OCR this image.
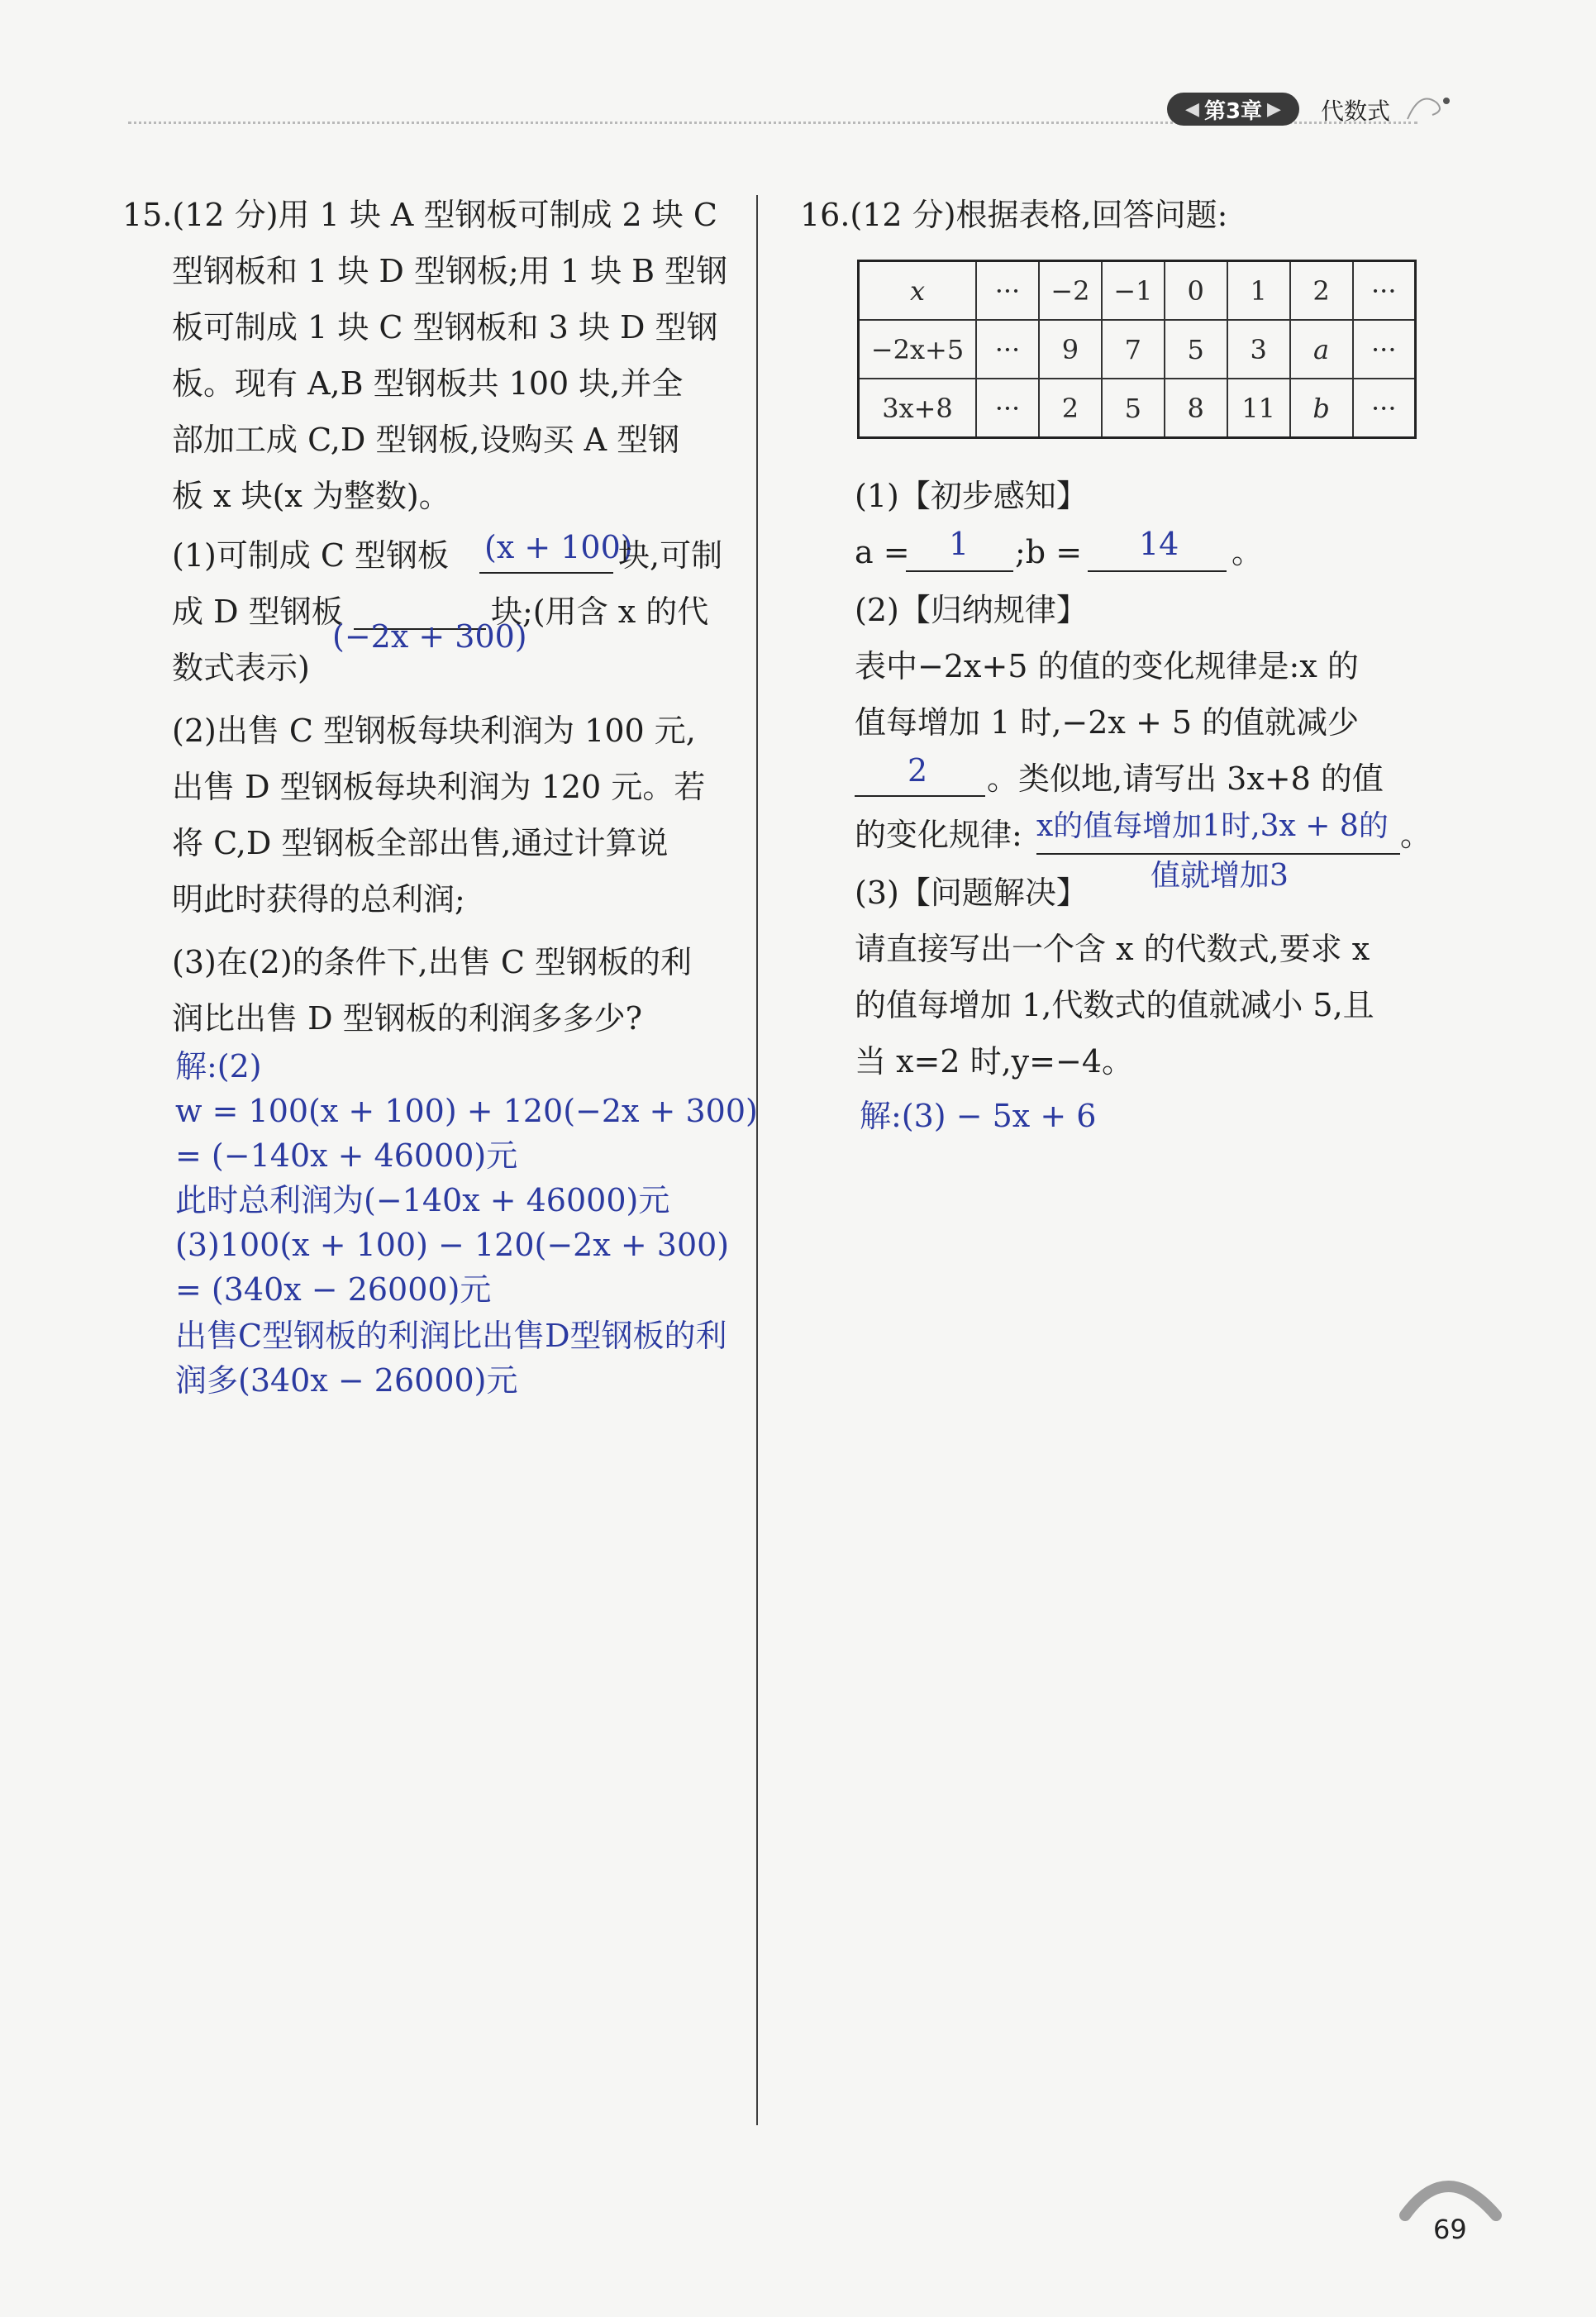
◀ 第3章 ▶ 代数式
15.(12 分)用 1 块 A 型钢板可制成 2 块 C
型钢板和 1 块 D 型钢板;用 1 块 B 型钢
板可制成 1 块 C 型钢板和 3 块 D 型钢
板。现有 A,B 型钢板共 100 块,并全
部加工成 C,D 型钢板,设购买 A 型钢
板 x 块(x 为整数)。
(1)可制成 C 型钢板 (x + 100)
块,可制
成 D 型钢板
(−2x + 300)
块;(用含 x 的代
数式表示)
(2)出售 C 型钢板每块利润为 100 元,
出售 D 型钢板每块利润为 120 元。若
将 C,D 型钢板全部出售,通过计算说
明此时获得的总利润;
(3)在(2)的条件下,出售 C 型钢板的利
润比出售 D 型钢板的利润多多少?
解:(2)
w = 100(x + 100) + 120(−2x + 300)
= (−140x + 46000)元
此时总利润为(−140x + 46000)元
(3)100(x + 100) − 120(−2x + 300)
= (340x − 26000)元
出售C型钢板的利润比出售D型钢板的利
润多(340x − 26000)元
16.(12 分)根据表格,回答问题:
x	···	−2	−1	0	1	2	···
−2x+5	···	9	7	5	3	a	···
3x+8	···	2	5	8	11	b	···
(1)【初步感知】
a = 1 ;b = 14 。
(2)【归纳规律】
表中−2x+5 的值的变化规律是:x 的
值每增加 1 时,−2x + 5 的值就减少
2 。类似地,请写出 3x+8 的值
的变化规律: x的值每增加1时,3x + 8的 。
值就增加3
(3)【问题解决】
请直接写出一个含 x 的代数式,要求 x
的值每增加 1,代数式的值就减小 5,且
当 x=2 时,y=−4。
解:(3) − 5x + 6
69
